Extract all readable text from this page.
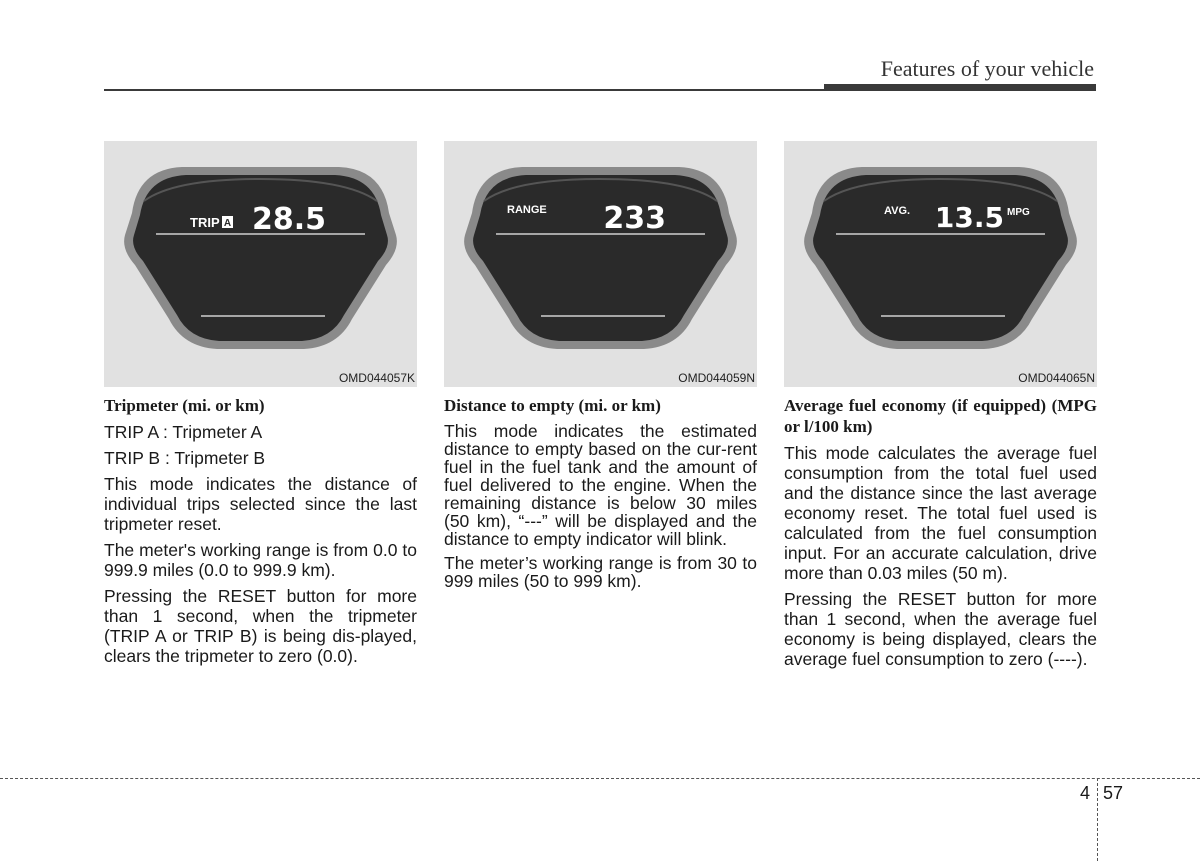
Features of your vehicle
TRIP A 28.5
OMD044057K
Tripmeter (mi. or km)

TRIP A : Tripmeter A

TRIP B : Tripmeter B

This mode indicates the distance of individual trips selected since the last tripmeter reset.

The meter's working range is from 0.0 to 999.9 miles (0.0 to 999.9 km).

Pressing the RESET button for more than 1 second, when the tripmeter (TRIP A or TRIP B) is being dis-played, clears the tripmeter to zero (0.0).

RANGE 233
OMD044059N
Distance to empty (mi. or km)

This mode indicates the estimated distance to empty based on the cur-rent fuel in the fuel tank and the amount of fuel delivered to the engine. When the remaining distance is below 30 miles (50 km), “---” will be displayed and the distance to empty indicator will blink.

The meter’s working range is from 30 to 999 miles (50 to 999 km).

AVG. 13.5 MPG
OMD044065N
Average fuel economy (if equipped) (MPG or l/100 km)

This mode calculates the average fuel consumption from the total fuel used and the distance since the last average economy reset. The total fuel used is calculated from the fuel consumption input. For an accurate calculation, drive more than 0.03 miles (50 m).

Pressing the RESET button for more than 1 second, when the average fuel economy is being displayed, clears the average fuel consumption to zero (----).

4 57
